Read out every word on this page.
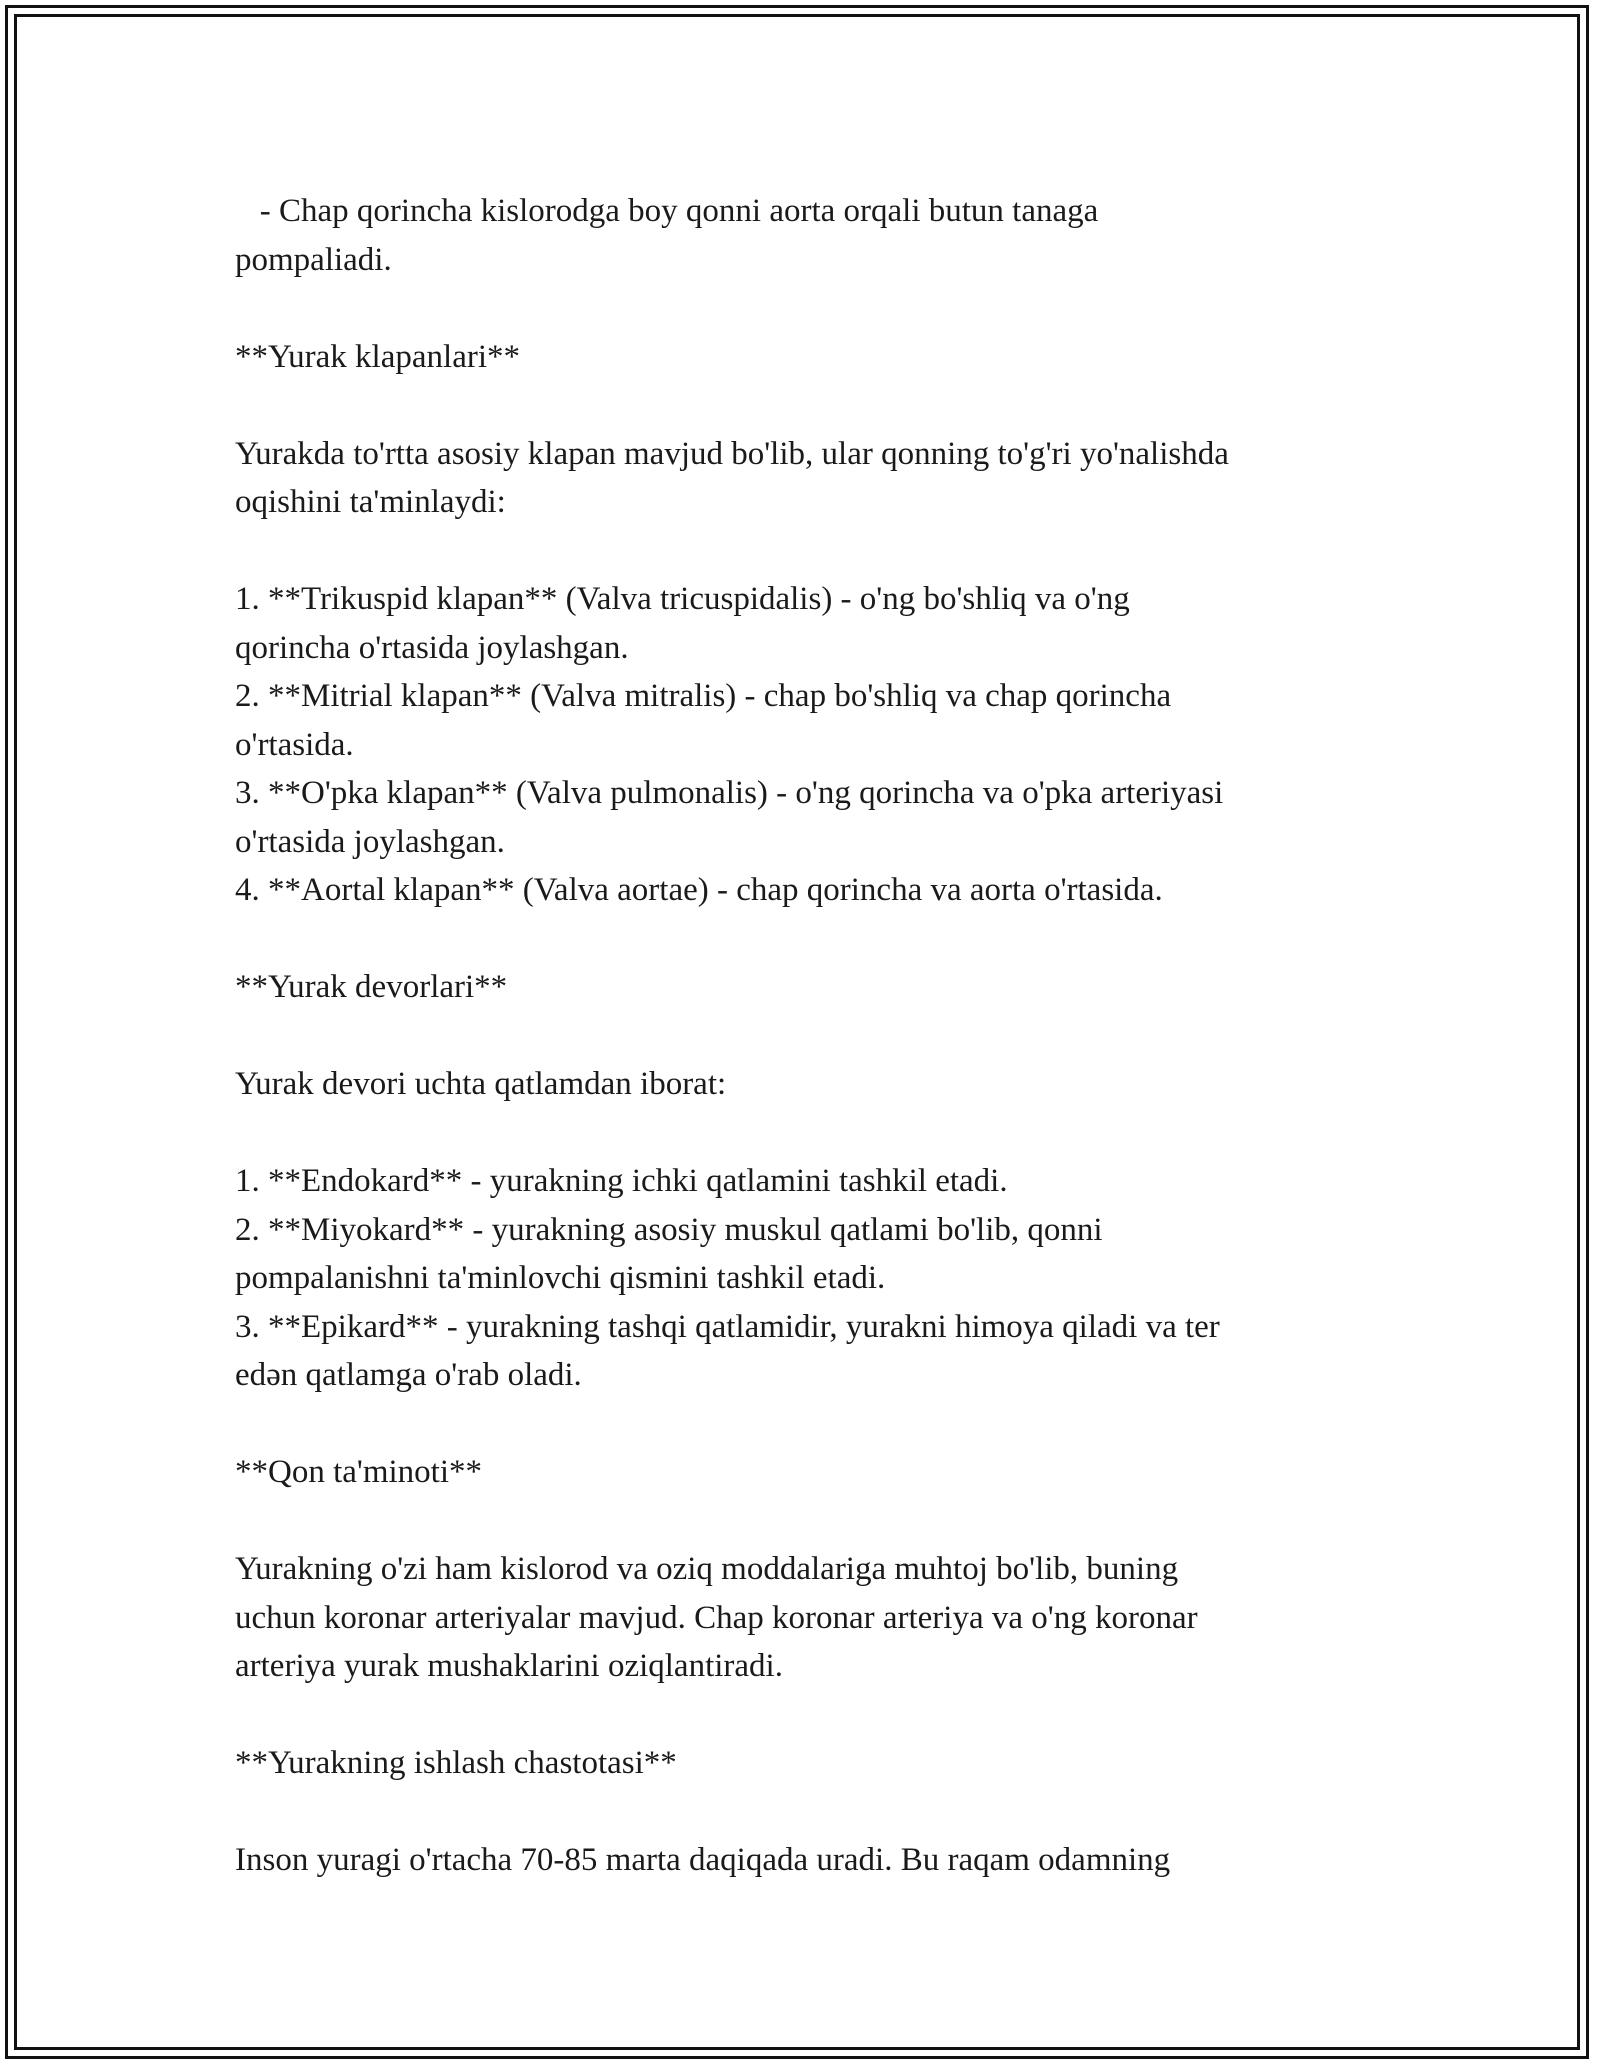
- Chap qorincha kislorodga boy qonni aorta orqali butun tanaga
pompaliadi.
**Yurak klapanlari**
Yurakda to'rtta asosiy klapan mavjud bo'lib, ular qonning to'g'ri yo'nalishda
oqishini ta'minlaydi:
1. **Trikuspid klapan** (Valva tricuspidalis) - o'ng bo'shliq va o'ng
qorincha o'rtasida joylashgan.
2. **Mitrial klapan** (Valva mitralis) - chap bo'shliq va chap qorincha
o'rtasida.
3. **O'pka klapan** (Valva pulmonalis) - o'ng qorincha va o'pka arteriyasi
o'rtasida joylashgan.
4. **Aortal klapan** (Valva aortae) - chap qorincha va aorta o'rtasida.
**Yurak devorlari**
Yurak devori uchta qatlamdan iborat:
1. **Endokard** - yurakning ichki qatlamini tashkil etadi.
2. **Miyokard** - yurakning asosiy muskul qatlami bo'lib, qonni
pompalanishni ta'minlovchi qismini tashkil etadi.
3. **Epikard** - yurakning tashqi qatlamidir, yurakni himoya qiladi va ter
edən qatlamga o'rab oladi.
**Qon ta'minoti**
Yurakning o'zi ham kislorod va oziq moddalariga muhtoj bo'lib, buning
uchun koronar arteriyalar mavjud. Chap koronar arteriya va o'ng koronar
arteriya yurak mushaklarini oziqlantiradi.
**Yurakning ishlash chastotasi**
Inson yuragi o'rtacha 70-85 marta daqiqada uradi. Bu raqam odamning
